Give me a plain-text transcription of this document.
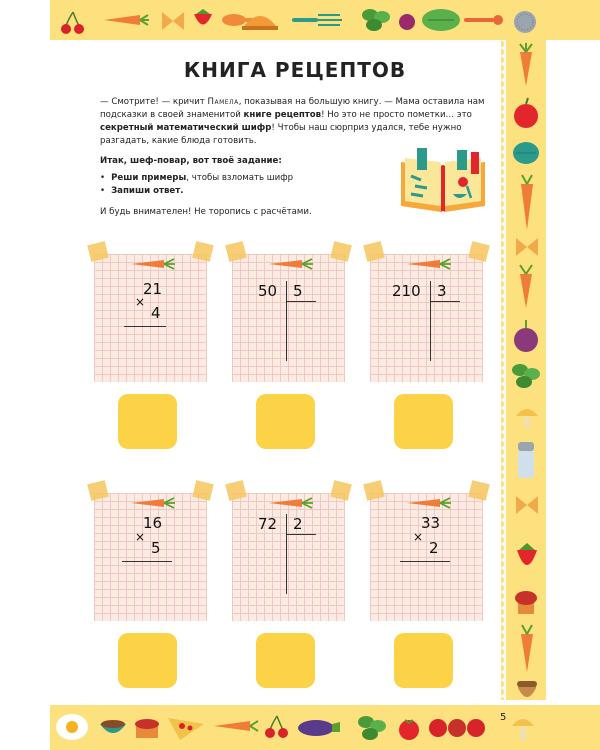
КНИГА РЕЦЕПТОВ

— Смотрите! — кричит Памела, показывая на большую книгу. — Мама оставила нам подсказки в своей знаменитой книге рецептов! Но это не просто пометки… это секретный математический шифр! Чтобы наш сюрприз удался, тебе нужно разгадать, какие блюда готовить.

Итак, шеф-повар, вот твоё задание:

• Реши примеры, чтобы взломать шифр
• Запиши ответ.

И будь внимателен! Не торопись с расчётами.

21
×
4
50 5	210 3
16
×
5
72 2	33
×
2
5
